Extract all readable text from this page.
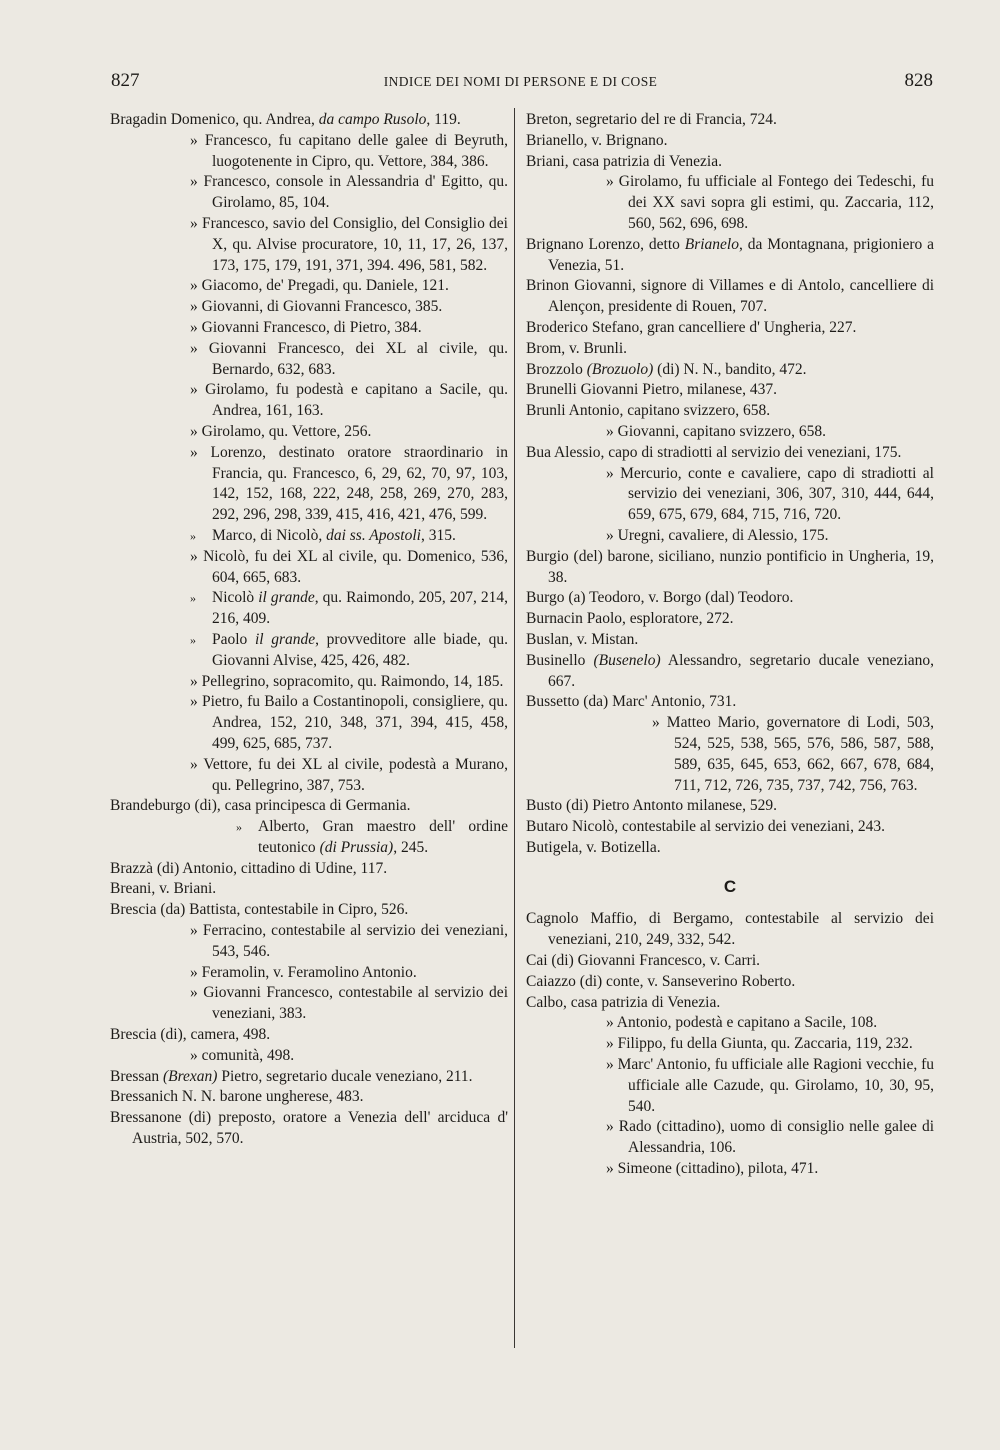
827	INDICE DEI NOMI DI PERSONE E DI COSE	828
Bragadin Domenico, qu. Andrea, da campo Rusolo, 119.
» Francesco, fu capitano delle galee di Beyruth, luogotenente in Cipro, qu. Vettore, 384, 386.
» Francesco, console in Alessandria d' Egitto, qu. Girolamo, 85, 104.
» Francesco, savio del Consiglio, del Consiglio dei X, qu. Alvise procuratore, 10, 11, 17, 26, 137, 173, 175, 179, 191, 371, 394. 496, 581, 582.
» Giacomo, de' Pregadi, qu. Daniele, 121.
» Giovanni, di Giovanni Francesco, 385.
» Giovanni Francesco, di Pietro, 384.
» Giovanni Francesco, dei XL al civile, qu. Bernardo, 632, 683.
» Girolamo, fu podestà e capitano a Sacile, qu. Andrea, 161, 163.
» Girolamo, qu. Vettore, 256.
» Lorenzo, destinato oratore straordinario in Francia, qu. Francesco, 6, 29, 62, 70, 97, 103, 142, 152, 168, 222, 248, 258, 269, 270, 283, 292, 296, 298, 339, 415, 416, 421, 476, 599.
» Marco, di Nicolò, dai ss. Apostoli, 315.
» Nicolò, fu dei XL al civile, qu. Domenico, 536, 604, 665, 683.
» Nicolò il grande, qu. Raimondo, 205, 207, 214, 216, 409.
» Paolo il grande, provveditore alle biade, qu. Giovanni Alvise, 425, 426, 482.
» Pellegrino, sopracomito, qu. Raimondo, 14, 185.
» Pietro, fu Bailo a Costantinopoli, consigliere, qu. Andrea, 152, 210, 348, 371, 394, 415, 458, 499, 625, 685, 737.
» Vettore, fu dei XL al civile, podestà a Murano, qu. Pellegrino, 387, 753.
Brandeburgo (di), casa principesca di Germania.
» Alberto, Gran maestro dell' ordine teutonico (di Prussia), 245.
Brazzà (di) Antonio, cittadino di Udine, 117.
Breani, v. Briani.
Brescia (da) Battista, contestabile in Cipro, 526.
» Ferracino, contestabile al servizio dei veneziani, 543, 546.
» Feramolin, v. Feramolino Antonio.
» Giovanni Francesco, contestabile al servizio dei veneziani, 383.
Brescia (di), camera, 498.
» comunità, 498.
Bressan (Brexan) Pietro, segretario ducale veneziano, 211.
Bressanich N. N. barone ungherese, 483.
Bressanone (di) preposto, oratore a Venezia dell' arciduca d' Austria, 502, 570.
Breton, segretario del re di Francia, 724.
Brianello, v. Brignano.
Briani, casa patrizia di Venezia.
» Girolamo, fu ufficiale al Fontego dei Tedeschi, fu dei XX savi sopra gli estimi, qu. Zaccaria, 112, 560, 562, 696, 698.
Brignano Lorenzo, detto Brianelo, da Montagnana, prigioniero a Venezia, 51.
Brinon Giovanni, signore di Villames e di Antolo, cancelliere di Alençon, presidente di Rouen, 707.
Broderico Stefano, gran cancelliere d' Ungheria, 227.
Brom, v. Brunli.
Brozzolo (Brozuolo) (di) N. N., bandito, 472.
Brunelli Giovanni Pietro, milanese, 437.
Brunli Antonio, capitano svizzero, 658.
» Giovanni, capitano svizzero, 658.
Bua Alessio, capo di stradiotti al servizio dei veneziani, 175.
» Mercurio, conte e cavaliere, capo di stradiotti al servizio dei veneziani, 306, 307, 310, 444, 644, 659, 675, 679, 684, 715, 716, 720.
» Uregni, cavaliere, di Alessio, 175.
Burgio (del) barone, siciliano, nunzio pontificio in Ungheria, 19, 38.
Burgo (a) Teodoro, v. Borgo (dal) Teodoro.
Burnacin Paolo, esploratore, 272.
Buslan, v. Mistan.
Businello (Busenelo) Alessandro, segretario ducale veneziano, 667.
Bussetto (da) Marc' Antonio, 731.
» Matteo Mario, governatore di Lodi, 503, 524, 525, 538, 565, 576, 586, 587, 588, 589, 635, 645, 653, 662, 667, 678, 684, 711, 712, 726, 735, 737, 742, 756, 763.
Busto (di) Pietro Antonto milanese, 529.
Butaro Nicolò, contestabile al servizio dei veneziani, 243.
Butigela, v. Botizella.
C
Cagnolo Maffio, di Bergamo, contestabile al servizio dei veneziani, 210, 249, 332, 542.
Cai (di) Giovanni Francesco, v. Carri.
Caiazzo (di) conte, v. Sanseverino Roberto.
Calbo, casa patrizia di Venezia.
» Antonio, podestà e capitano a Sacile, 108.
» Filippo, fu della Giunta, qu. Zaccaria, 119, 232.
» Marc' Antonio, fu ufficiale alle Ragioni vecchie, fu ufficiale alle Cazude, qu. Girolamo, 10, 30, 95, 540.
» Rado (cittadino), uomo di consiglio nelle galee di Alessandria, 106.
» Simeone (cittadino), pilota, 471.
